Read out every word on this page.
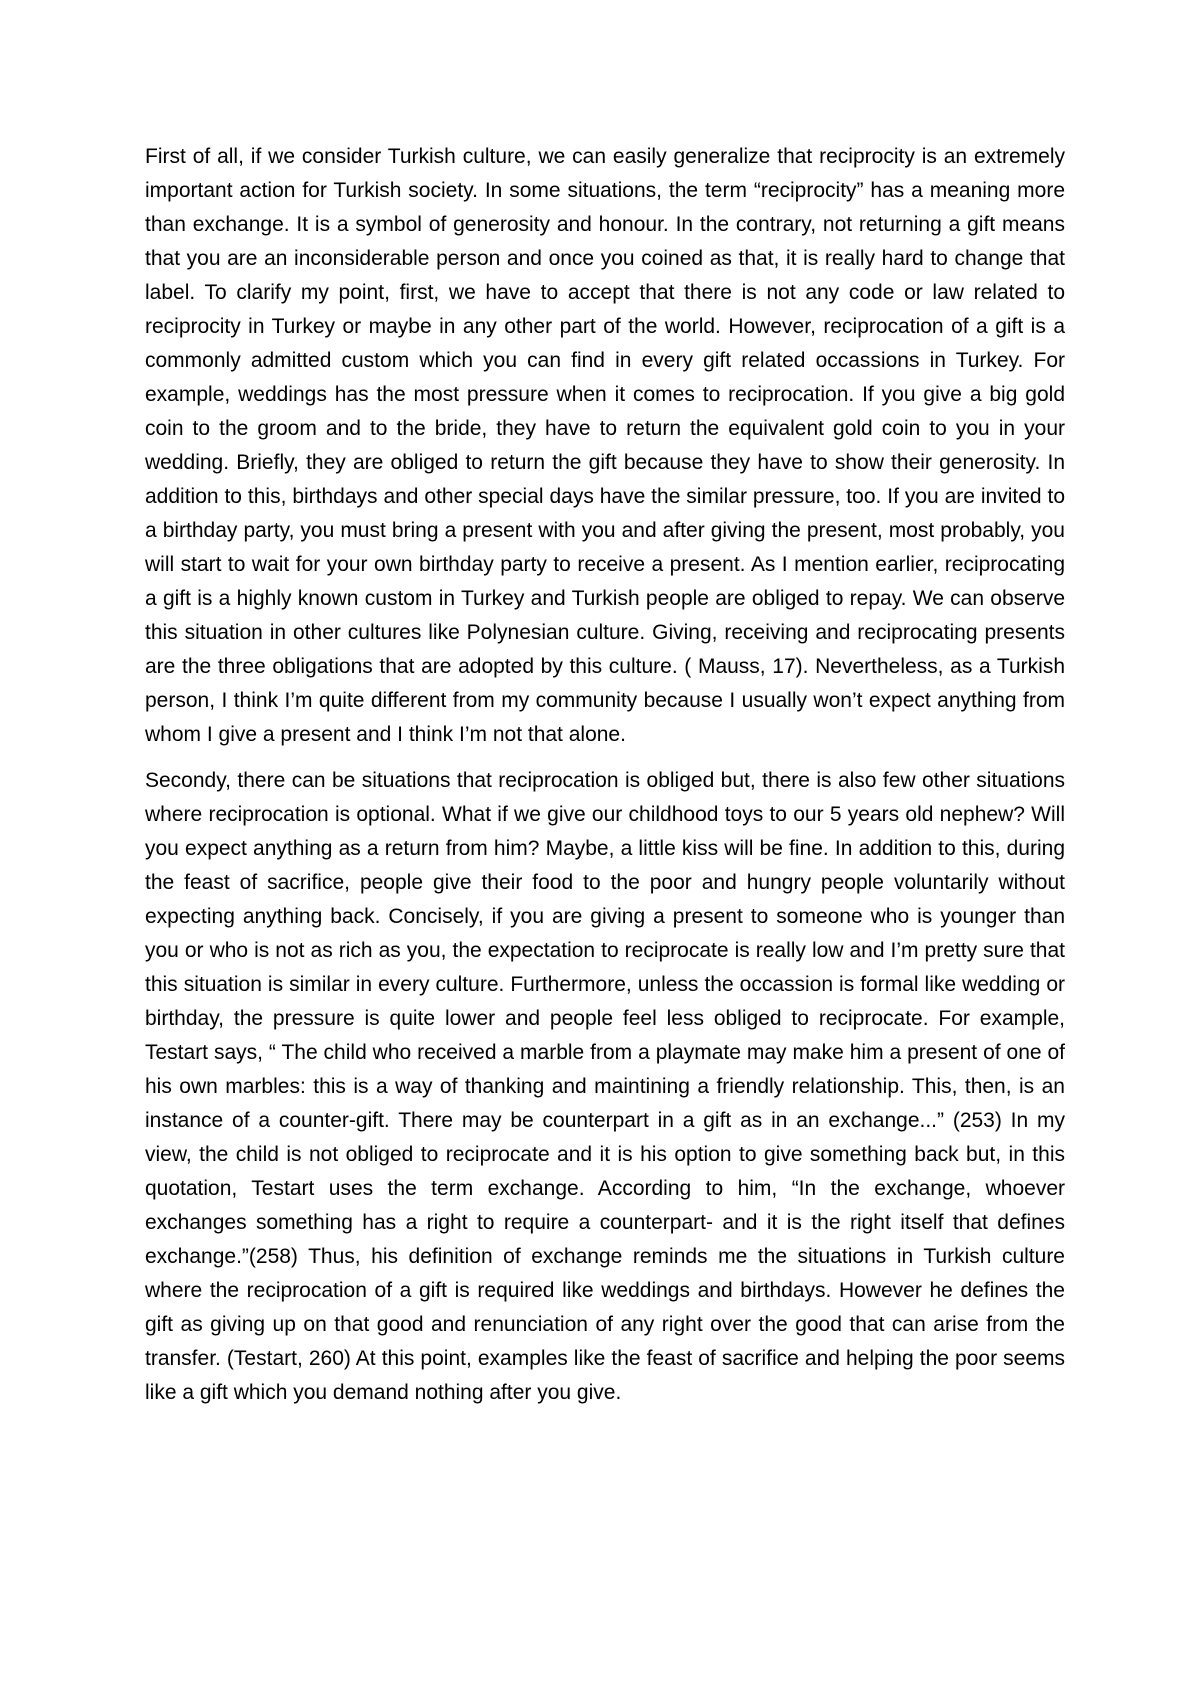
First of all, if we consider Turkish culture, we can easily generalize that reciprocity is an extremely important action for Turkish society. In some situations, the term “reciprocity” has a meaning more than exchange. It is a symbol of generosity and honour. In the contrary, not returning a gift means that you are an inconsiderable person and once you coined as that, it is really hard to change that label. To clarify my point, first, we have to accept that there is not any code or law related to reciprocity in Turkey or maybe in any other part of the world. However, reciprocation of a gift is a commonly admitted custom which you can find in every gift related occassions in Turkey. For example, weddings has the most pressure when it comes to reciprocation. If you give a big gold coin to the groom and to the bride, they have to return the equivalent gold coin to you in your wedding. Briefly, they are obliged to return the gift because they have to show their generosity. In addition to this, birthdays and other special days have the similar pressure, too. If you are invited to a birthday party, you must bring a present with you and after giving the present, most probably, you will start to wait for your own birthday party to receive a present. As I mention earlier, reciprocating a gift is a highly known custom in Turkey and Turkish people are obliged to repay. We can observe this situation in other cultures like Polynesian culture. Giving, receiving and reciprocating presents are the three obligations that are adopted by this culture. ( Mauss, 17). Nevertheless, as a Turkish person, I think I’m quite different from my community because I usually won’t expect anything from whom I give a present and I think I’m not that alone.

Secondy, there can be situations that reciprocation is obliged but, there is also few other situations where reciprocation is optional. What if we give our childhood toys to our 5 years old nephew? Will you expect anything as a return from him? Maybe, a little kiss will be fine. In addition to this, during the feast of sacrifice, people give their food to the poor and hungry people voluntarily without expecting anything back. Concisely, if you are giving a present to someone who is younger than you or who is not as rich as you, the expectation to reciprocate is really low and I’m pretty sure that this situation is similar in every culture. Furthermore, unless the occassion is formal like wedding or birthday, the pressure is quite lower and people feel less obliged to reciprocate. For example, Testart says, “ The child who received a marble from a playmate may make him a present of one of his own marbles: this is a way of thanking and maintining a friendly relationship. This, then, is an instance of a counter-gift. There may be counterpart in a gift as in an exchange...” (253) In my view, the child is not obliged to reciprocate and it is his option to give something back but, in this quotation, Testart uses the term exchange. According to him, “In the exchange, whoever exchanges something has a right to require a counterpart- and it is the right itself that defines exchange.”(258) Thus, his definition of exchange reminds me the situations in Turkish culture where the reciprocation of a gift is required like weddings and birthdays. However he defines the gift as giving up on that good and renunciation of any right over the good that can arise from the transfer. (Testart, 260) At this point, examples like the feast of sacrifice and helping the poor seems like a gift which you demand nothing after you give.
